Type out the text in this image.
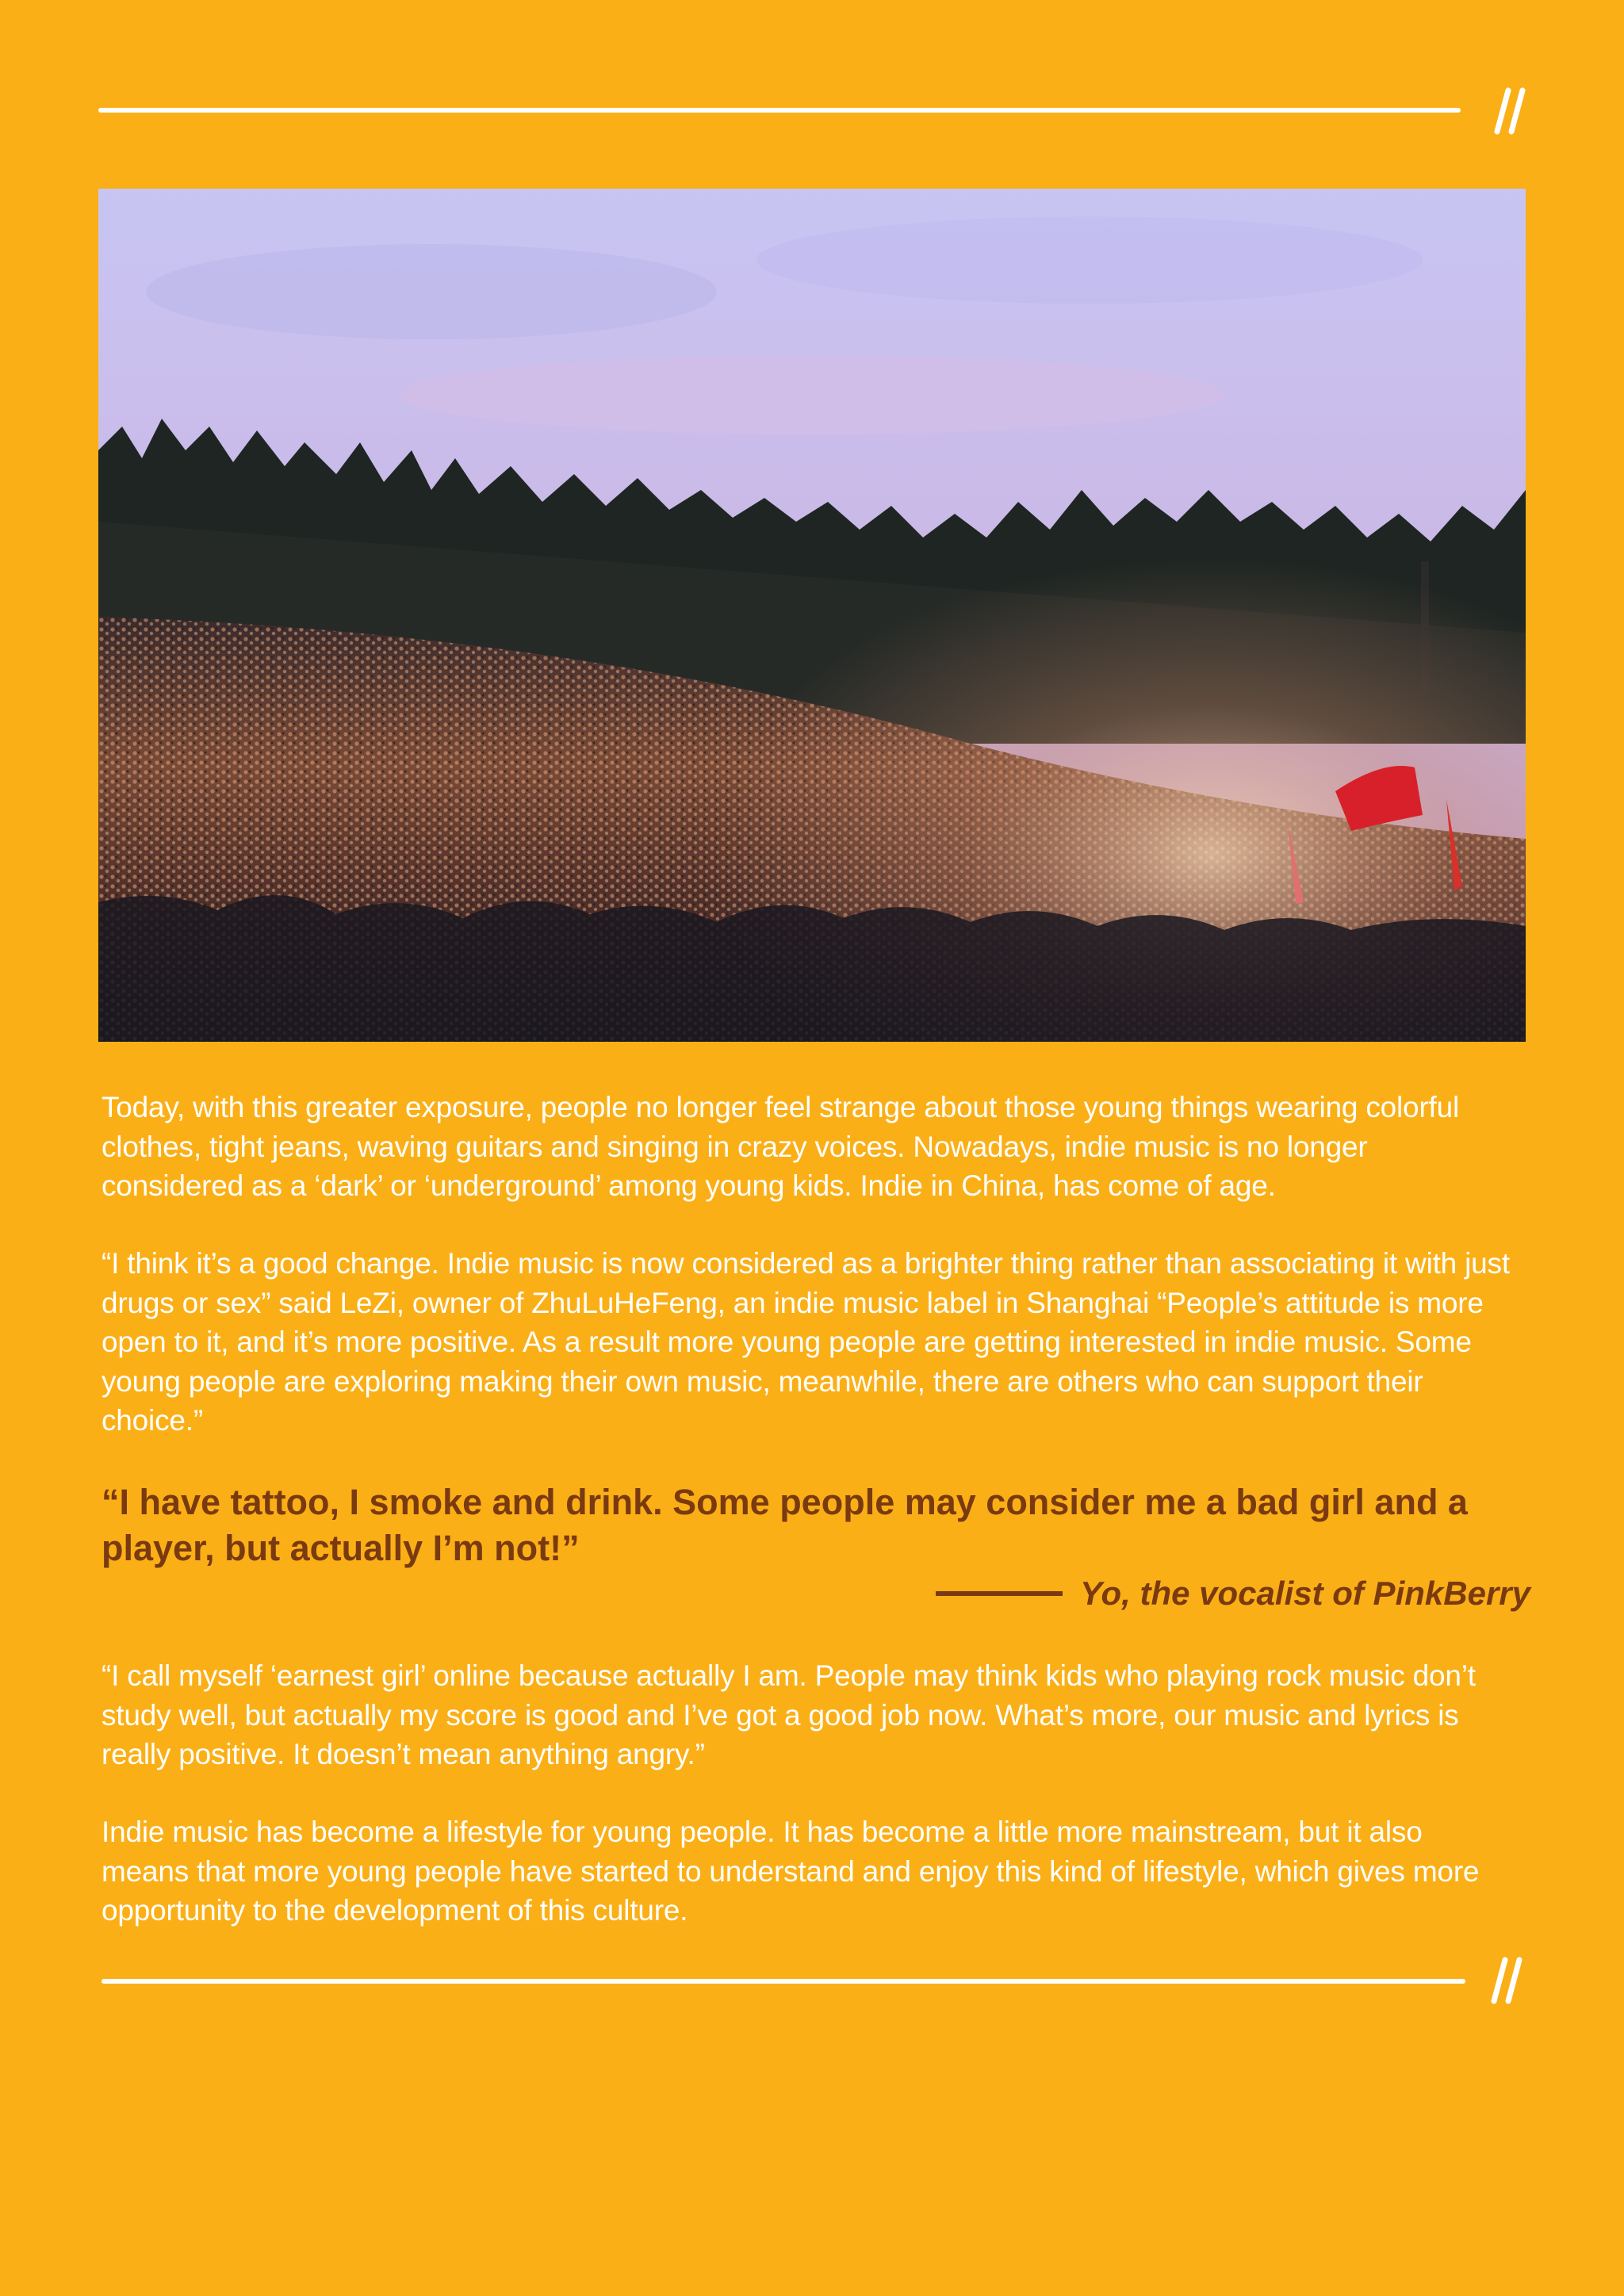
Today, with this greater exposure, people no longer feel strange about those young things wearing colorful clothes, tight jeans, waving guitars and singing in crazy voices. Nowadays, indie music is no longer considered as a ‘dark’ or ‘underground’ among young kids. Indie in China, has come of age.

“I think it’s a good change. Indie music is now considered as a brighter thing rather than associating it with just drugs or sex” said LeZi, owner of ZhuLuHeFeng, an indie music label in Shanghai “People’s attitude is more open to it, and it’s more positive. As a result more young people are getting interested in indie music. Some young people are exploring making their own music, meanwhile, there are others who can support their choice.”

“I have tattoo, I smoke and drink. Some people may consider me a bad girl and a player, but actually I’m not!”

Yo, the vocalist of PinkBerry

“I call myself ‘earnest girl’ online because actually I am. People may think kids who playing rock music don’t study well, but actually my score is good and I’ve got a good job now. What’s more, our music and lyrics is really positive. It doesn’t mean anything angry.”

Indie music has become a lifestyle for young people. It has become a little more mainstream, but it also means that more young people have started to understand and enjoy this kind of lifestyle, which gives more opportunity to the development of this culture.
